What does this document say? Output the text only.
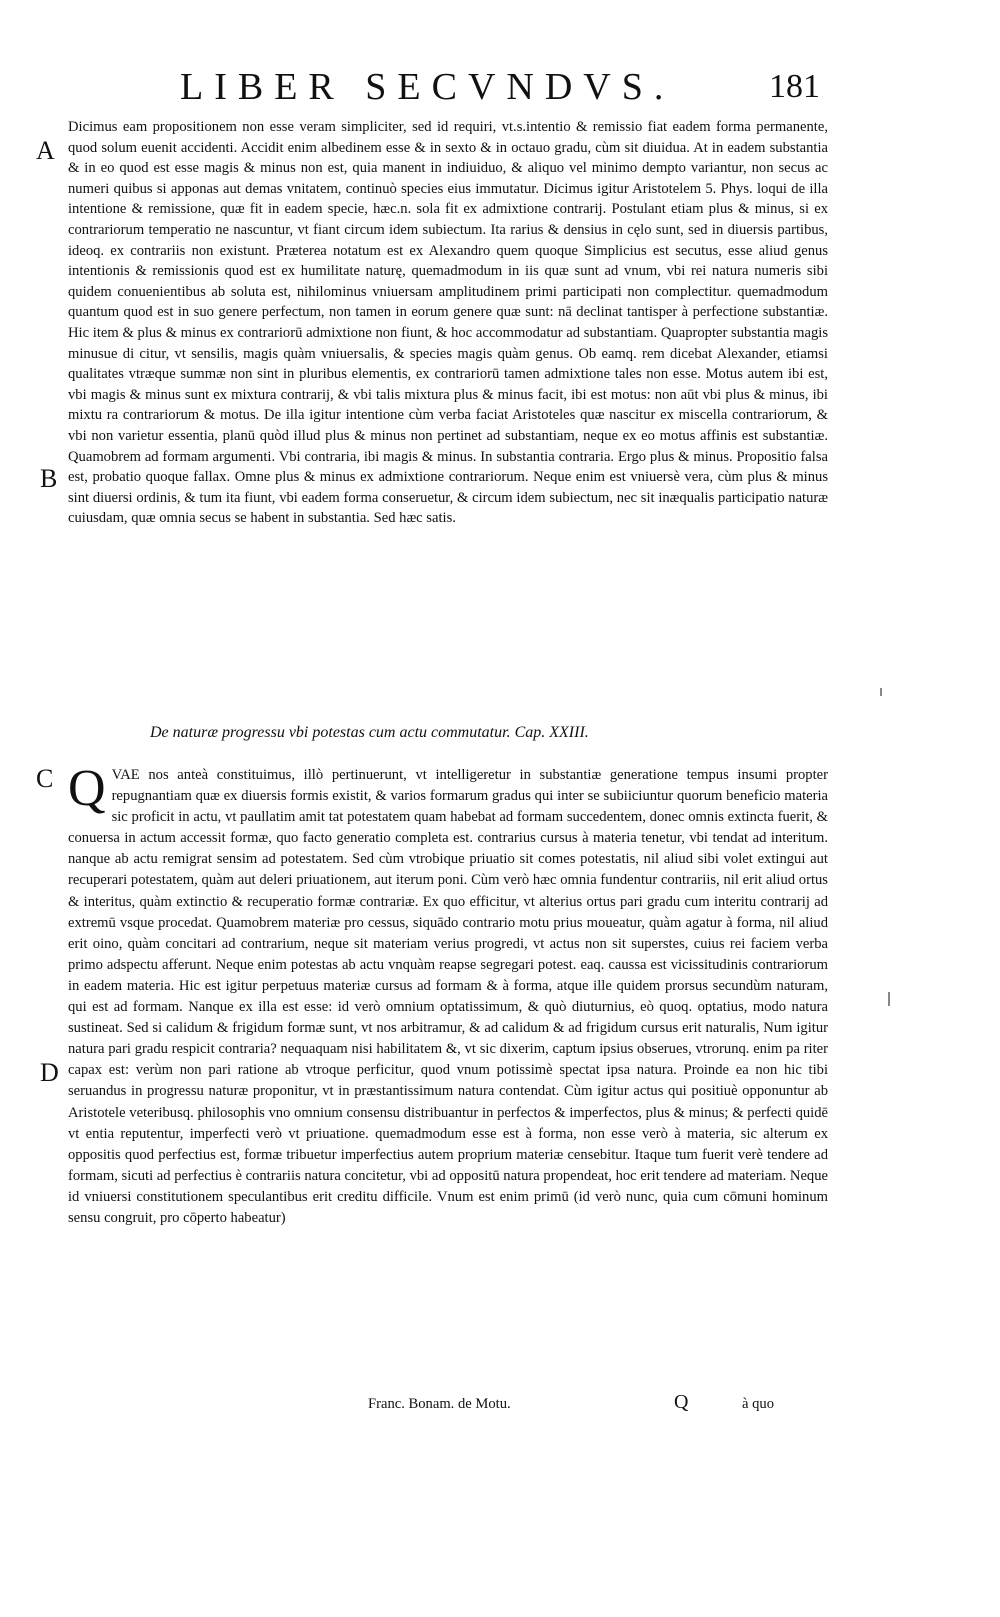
LIBER SECVNDVS.	181
A
B
C
D

Dicimus eam propositionem non esse veram simpliciter, sed id requiri, vt.s.intentio & remissio fiat eadem forma permanente, quod solum euenit accidenti. Accidit enim albedinem esse & in sexto & in octauo gradu, cùm sit diuidua. At in eadem substantia & in eo quod est esse magis & minus non est, quia manent in indiuiduo, & aliquo vel minimo dempto variantur, non secus ac numeri quibus si apponas aut demas vnitatem, continuò species eius immutatur. Dicimus igitur Aristotelem 5. Phys. loqui de illa intentione & remissione, quæ fit in eadem specie, hæc.n. sola fit ex admixtione contrarij. Postulant etiam plus & minus, si ex contrariorum temperatio ne nascuntur, vt fiant circum idem subiectum. Ita rarius & densius in cęlo sunt, sed in diuersis partibus, ideoq. ex contrariis non existunt. Præterea notatum est ex Alexandro quem quoque Simplicius est secutus, esse aliud genus intentionis & remissionis quod est ex humilitate naturę, quemadmodum in iis quæ sunt ad vnum, vbi rei natura numeris sibi quidem conuenientibus ab soluta est, nihilominus vniuersam amplitudinem primi participati non complectitur. quemadmodum quantum quod est in suo genere perfectum, non tamen in eorum genere quæ sunt: nā declinat tantisper à perfectione substantiæ. Hic item & plus & minus ex contrariorū admixtione non fiunt, & hoc accommodatur ad substantiam. Quapropter substantia magis minusue di citur, vt sensilis, magis quàm vniuersalis, & species magis quàm genus. Ob eamq. rem dicebat Alexander, etiamsi qualitates vtræque summæ non sint in pluribus elementis, ex contrariorū tamen admixtione tales non esse. Motus autem ibi est, vbi magis & minus sunt ex mixtura contrarij, & vbi talis mixtura plus & minus facit, ibi est motus: non aūt vbi plus & minus, ibi mixtu ra contrariorum & motus. De illa igitur intentione cùm verba faciat Aristoteles quæ nascitur ex miscella contrariorum, & vbi non varietur essentia, planū quòd illud plus & minus non pertinet ad substantiam, neque ex eo motus affinis est substantiæ. Quamobrem ad formam argumenti. Vbi contraria, ibi magis & minus. In substantia contraria. Ergo plus & minus. Propositio falsa est, probatio quoque fallax. Omne plus & minus ex admixtione contrariorum. Neque enim est vniuersè vera, cùm plus & minus sint diuersi ordinis, & tum ita fiunt, vbi eadem forma conseruetur, & circum idem subiectum, nec sit inæqualis participatio naturæ cuiusdam, quæ omnia secus se habent in substantia. Sed hæc satis.

De naturæ progressu vbi potestas cum actu commutatur. Cap. XXIII.

QVAE nos anteà constituimus, illò pertinuerunt, vt intelligeretur in substantiæ generatione tempus insumi propter repugnantiam quæ ex diuersis formis existit, & varios formarum gradus qui inter se subiiciuntur quorum beneficio materia sic proficit in actu, vt paullatim amit tat potestatem quam habebat ad formam succedentem, donec omnis extincta fuerit, & conuersa in actum accessit formæ, quo facto generatio completa est. contrarius cursus à materia tenetur, vbi tendat ad interitum. nanque ab actu remigrat sensim ad potestatem. Sed cùm vtrobique priuatio sit comes potestatis, nil aliud sibi volet extingui aut recuperari potestatem, quàm aut deleri priuationem, aut iterum poni. Cùm verò hæc omnia fundentur contrariis, nil erit aliud ortus & interitus, quàm extinctio & recuperatio formæ contrariæ. Ex quo efficitur, vt alterius ortus pari gradu cum interitu contrarij ad extremū vsque procedat. Quamobrem materiæ pro cessus, siquādo contrario motu prius moueatur, quàm agatur à forma, nil aliud erit oino, quàm concitari ad contrarium, neque sit materiam verius progredi, vt actus non sit superstes, cuius rei faciem verba primo adspectu afferunt. Neque enim potestas ab actu vnquàm reapse segregari potest. eaq. caussa est vicissitudinis contrariorum in eadem materia. Hic est igitur perpetuus materiæ cursus ad formam & à forma, atque ille quidem prorsus secundùm naturam, qui est ad formam. Nanque ex illa est esse: id verò omnium optatissimum, & quò diuturnius, eò quoq. optatius, modo natura sustineat. Sed si calidum & frigidum formæ sunt, vt nos arbitramur, & ad calidum & ad frigidum cursus erit naturalis, Num igitur natura pari gradu respicit contraria? nequaquam nisi habilitatem &, vt sic dixerim, captum ipsius obserues, vtrorunq. enim pa riter capax est: verùm non pari ratione ab vtroque perficitur, quod vnum potissimè spectat ipsa natura. Proinde ea non hic tibi seruandus in progressu naturæ proponitur, vt in præstantissimum natura contendat. Cùm igitur actus qui positiuè opponuntur ab Aristotele veteribusq. philosophis vno omnium consensu distribuantur in perfectos & imperfectos, plus & minus; & perfecti quidē vt entia reputentur, imperfecti verò vt priuatione. quemadmodum esse est à forma, non esse verò à materia, sic alterum ex oppositis quod perfectius est, formæ tribuetur imperfectius autem proprium materiæ censebitur. Itaque tum fuerit verè tendere ad formam, sicuti ad perfectius è contrariis natura concitetur, vbi ad oppositū natura propendeat, hoc erit tendere ad materiam. Neque id vniuersi constitutionem speculantibus erit creditu difficile. Vnum est enim primū (id verò nunc, quia cum cōmuni hominum sensu congruit, pro cōperto habeatur)

Franc. Bonam. de Motu.	Q	à quo
